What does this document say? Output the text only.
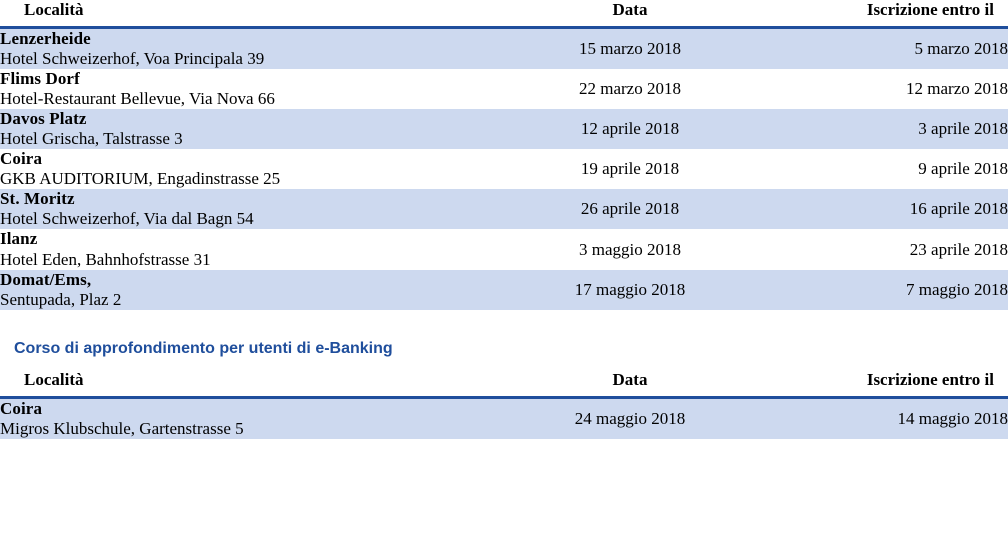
Località	Data	Iscrizione entro il

Lenzerheide
Hotel Schweizerhof, Voa Principala 39	15 marzo 2018	5 marzo 2018

Flims Dorf
Hotel-Restaurant Bellevue, Via Nova 66	22 marzo 2018	12 marzo 2018

Davos Platz
Hotel Grischa, Talstrasse 3	12 aprile 2018	3 aprile 2018

Coira
GKB AUDITORIUM, Engadinstrasse 25	19 aprile 2018	9 aprile 2018

St. Moritz
Hotel Schweizerhof, Via dal Bagn 54	26 aprile 2018	16 aprile 2018

Ilanz
Hotel Eden, Bahnhofstrasse 31	3 maggio 2018	23 aprile 2018

Domat/Ems,
Sentupada, Plaz 2	17 maggio 2018	7 maggio 2018
Corso di approfondimento per utenti di e-Banking
Località	Data	Iscrizione entro il

Coira
Migros Klubschule, Gartenstrasse 5	24 maggio 2018	14 maggio 2018
